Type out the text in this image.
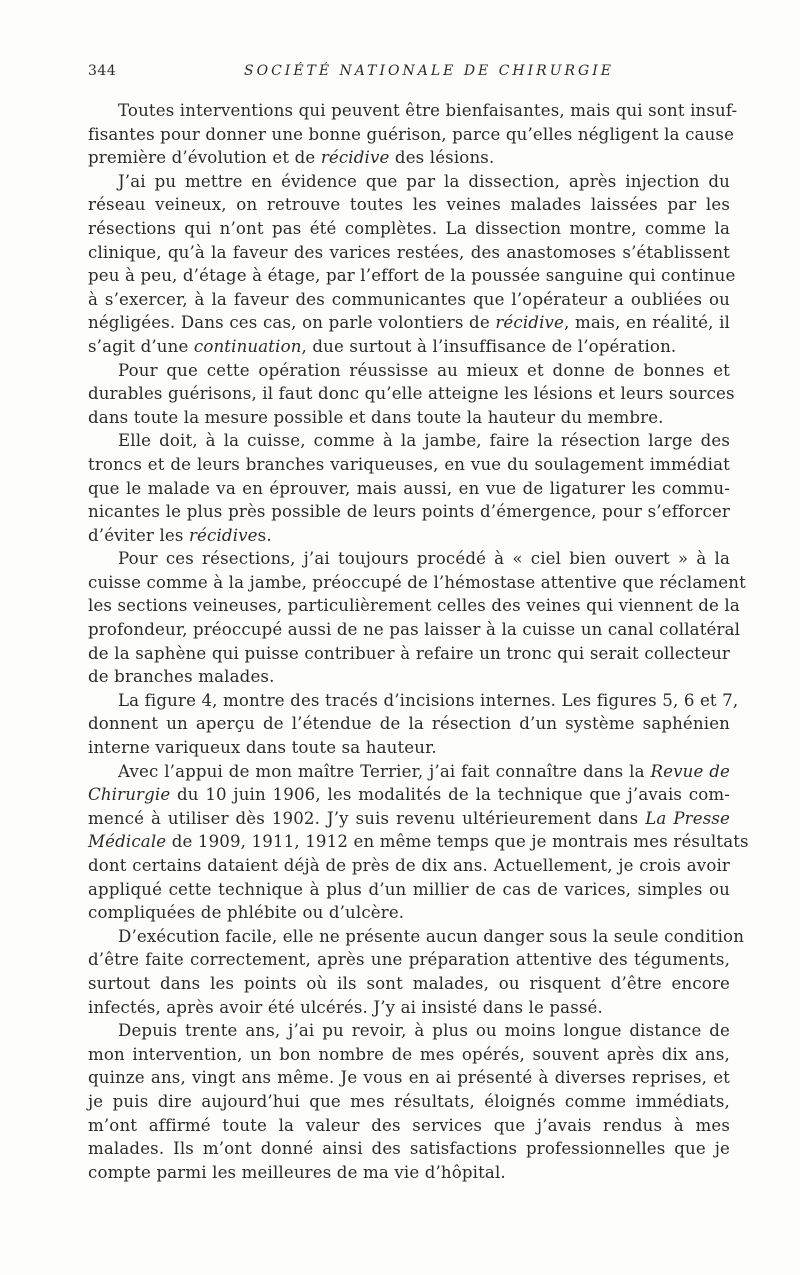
344	SOCIÉTÉ NATIONALE DE CHIRURGIE
Toutes interventions qui peuvent être bienfaisantes, mais qui sont insuf-
fisantes pour donner une bonne guérison, parce qu’elles négligent la cause
première d’évolution et de récidive des lésions.
J’ai pu mettre en évidence que par la dissection, après injection du
réseau veineux, on retrouve toutes les veines malades laissées par les
résections qui n’ont pas été complètes. La dissection montre, comme la
clinique, qu’à la faveur des varices restées, des anastomoses s’établissent
peu à peu, d’étage à étage, par l’effort de la poussée sanguine qui continue
à s’exercer, à la faveur des communicantes que l’opérateur a oubliées ou
négligées. Dans ces cas, on parle volontiers de récidive, mais, en réalité, il
s’agit d’une continuation, due surtout à l’insuffisance de l’opération.
Pour que cette opération réussisse au mieux et donne de bonnes et
durables guérisons, il faut donc qu’elle atteigne les lésions et leurs sources
dans toute la mesure possible et dans toute la hauteur du membre.
Elle doit, à la cuisse, comme à la jambe, faire la résection large des
troncs et de leurs branches variqueuses, en vue du soulagement immédiat
que le malade va en éprouver, mais aussi, en vue de ligaturer les commu-
nicantes le plus près possible de leurs points d’émergence, pour s’efforcer
d’éviter les récidives.
Pour ces résections, j’ai toujours procédé à « ciel bien ouvert » à la
cuisse comme à la jambe, préoccupé de l’hémostase attentive que réclament
les sections veineuses, particulièrement celles des veines qui viennent de la
profondeur, préoccupé aussi de ne pas laisser à la cuisse un canal collatéral
de la saphène qui puisse contribuer à refaire un tronc qui serait collecteur
de branches malades.
La figure 4, montre des tracés d’incisions internes. Les figures 5, 6 et 7,
donnent un aperçu de l’étendue de la résection d’un système saphénien
interne variqueux dans toute sa hauteur.
Avec l’appui de mon maître Terrier, j’ai fait connaître dans la Revue de
Chirurgie du 10 juin 1906, les modalités de la technique que j’avais com-
mencé à utiliser dès 1902. J’y suis revenu ultérieurement dans La Presse
Médicale de 1909, 1911, 1912 en même temps que je montrais mes résultats
dont certains dataient déjà de près de dix ans. Actuellement, je crois avoir
appliqué cette technique à plus d’un millier de cas de varices, simples ou
compliquées de phlébite ou d’ulcère.
D’exécution facile, elle ne présente aucun danger sous la seule condition
d’être faite correctement, après une préparation attentive des téguments,
surtout dans les points où ils sont malades, ou risquent d’être encore
infectés, après avoir été ulcérés. J’y ai insisté dans le passé.
Depuis trente ans, j’ai pu revoir, à plus ou moins longue distance de
mon intervention, un bon nombre de mes opérés, souvent après dix ans,
quinze ans, vingt ans même. Je vous en ai présenté à diverses reprises, et
je puis dire aujourd’hui que mes résultats, éloignés comme immédiats,
m’ont affirmé toute la valeur des services que j’avais rendus à mes
malades. Ils m’ont donné ainsi des satisfactions professionnelles que je
compte parmi les meilleures de ma vie d’hôpital.
